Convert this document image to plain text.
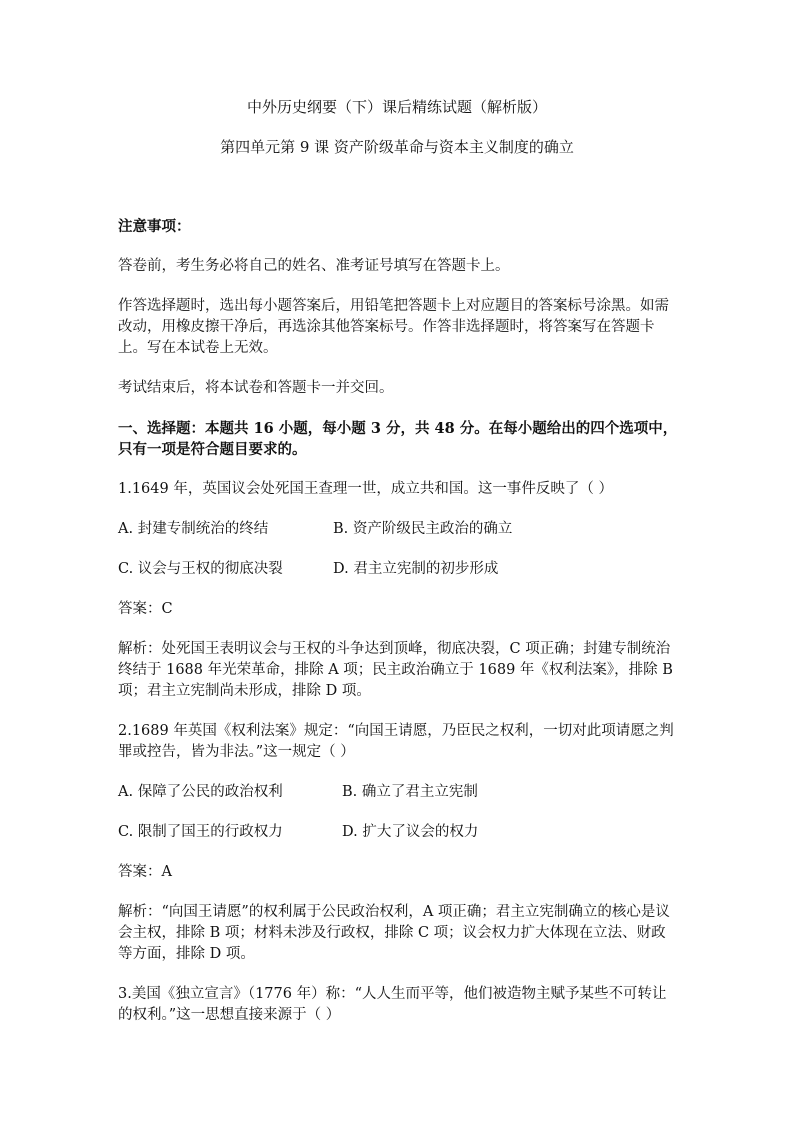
中外历史纲要（下）课后精练试题（解析版）
第四单元第 9 课 资产阶级革命与资本主义制度的确立

注意事项：

答卷前，考生务必将自己的姓名、准考证号填写在答题卡上。

作答选择题时，选出每小题答案后，用铅笔把答题卡上对应题目的答案标号涂黑。如需改动，用橡皮擦干净后，再选涂其他答案标号。作答非选择题时，将答案写在答题卡上。写在本试卷上无效。

考试结束后，将本试卷和答题卡一并交回。

一、选择题：本题共 16 小题，每小题 3 分，共 48 分。在每小题给出的四个选项中，只有一项是符合题目要求的。

1.1649 年，英国议会处死国王查理一世，成立共和国。这一事件反映了（ ）

A. 封建专制统治的终结	B. 资产阶级民主政治的确立
C. 议会与王权的彻底决裂	D. 君主立宪制的初步形成

答案：C

解析：处死国王表明议会与王权的斗争达到顶峰，彻底决裂，C 项正确；封建专制统治终结于 1688 年光荣革命，排除 A 项；民主政治确立于 1689 年《权利法案》，排除 B 项；君主立宪制尚未形成，排除 D 项。

2.1689 年英国《权利法案》规定：“向国王请愿，乃臣民之权利，一切对此项请愿之判罪或控告，皆为非法。”这一规定（ ）

A. 保障了公民的政治权利	B. 确立了君主立宪制
C. 限制了国王的行政权力	D. 扩大了议会的权力

答案：A

解析：“向国王请愿”的权利属于公民政治权利，A 项正确；君主立宪制确立的核心是议会主权，排除 B 项；材料未涉及行政权，排除 C 项；议会权力扩大体现在立法、财政等方面，排除 D 项。

3.美国《独立宣言》（1776 年）称：“人人生而平等，他们被造物主赋予某些不可转让的权利。”这一思想直接来源于（ ）
